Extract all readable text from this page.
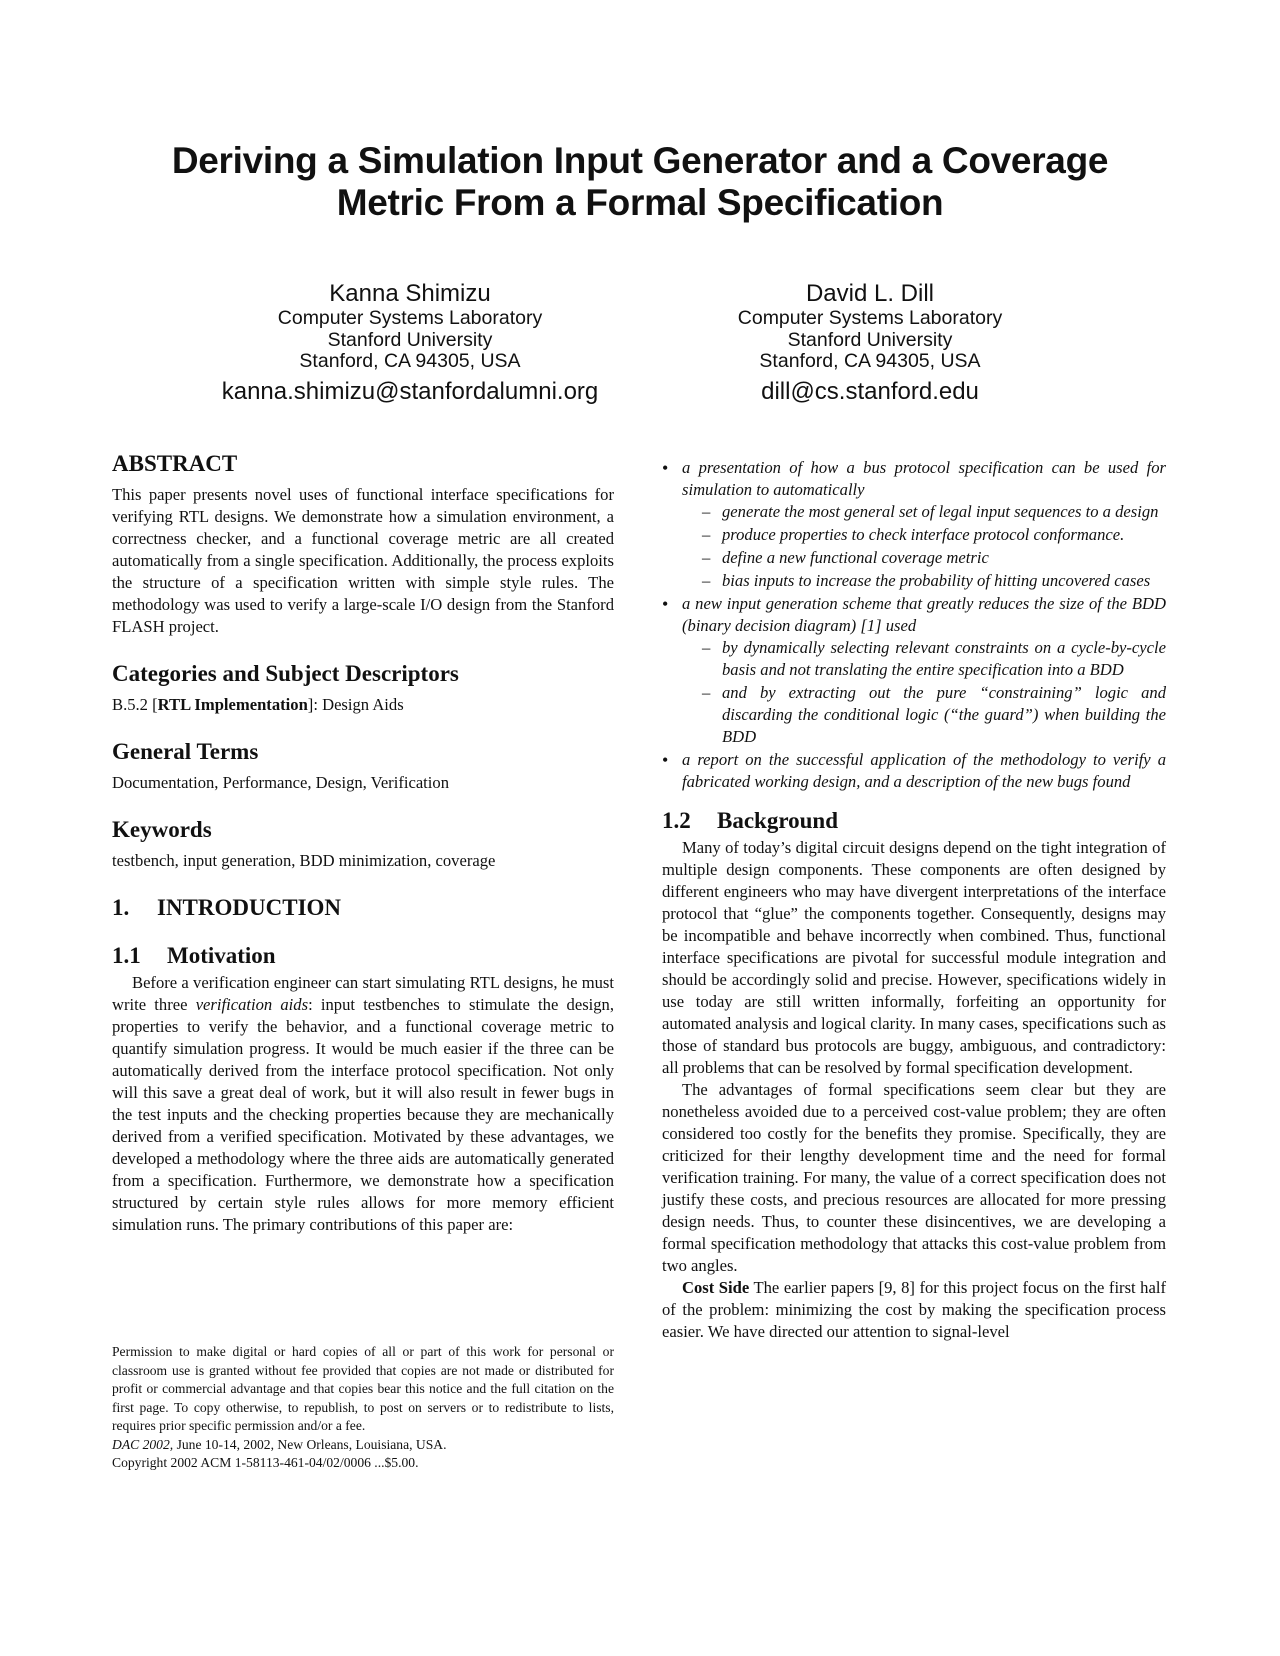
Deriving a Simulation Input Generator and a Coverage
Metric From a Formal Specification
Kanna Shimizu
Computer Systems Laboratory
Stanford University
Stanford, CA 94305, USA
kanna.shimizu@stanfordalumni.org
David L. Dill
Computer Systems Laboratory
Stanford University
Stanford, CA 94305, USA
dill@cs.stanford.edu
ABSTRACT

This paper presents novel uses of functional interface specifications for verifying RTL designs. We demonstrate how a simulation environment, a correctness checker, and a functional coverage metric are all created automatically from a single specification. Additionally, the process exploits the structure of a specification written with simple style rules. The methodology was used to verify a large-scale I/O design from the Stanford FLASH project.

Categories and Subject Descriptors

B.5.2 [RTL Implementation]: Design Aids

General Terms

Documentation, Performance, Design, Verification

Keywords

testbench, input generation, BDD minimization, coverage

1. INTRODUCTION
1.1 Motivation

Before a verification engineer can start simulating RTL designs, he must write three verification aids: input testbenches to stimulate the design, properties to verify the behavior, and a functional coverage metric to quantify simulation progress. It would be much easier if the three can be automatically derived from the interface protocol specification. Not only will this save a great deal of work, but it will also result in fewer bugs in the test inputs and the checking properties because they are mechanically derived from a verified specification. Motivated by these advantages, we developed a methodology where the three aids are automatically generated from a specification. Furthermore, we demonstrate how a specification structured by certain style rules allows for more memory efficient simulation runs. The primary contributions of this paper are:

Permission to make digital or hard copies of all or part of this work for personal or classroom use is granted without fee provided that copies are not made or distributed for profit or commercial advantage and that copies bear this notice and the full citation on the first page. To copy otherwise, to republish, to post on servers or to redistribute to lists, requires prior specific permission and/or a fee.

DAC 2002, June 10-14, 2002, New Orleans, Louisiana, USA.

Copyright 2002 ACM 1-58113-461-04/02/0006 ...$5.00.

• a presentation of how a bus protocol specification can be used for simulation to automatically
– generate the most general set of legal input sequences to a design
– produce properties to check interface protocol conformance.
– define a new functional coverage metric
– bias inputs to increase the probability of hitting uncovered cases
• a new input generation scheme that greatly reduces the size of the BDD (binary decision diagram) [1] used
– by dynamically selecting relevant constraints on a cycle-by-cycle basis and not translating the entire specification into a BDD
– and by extracting out the pure “constraining” logic and discarding the conditional logic (“the guard”) when building the BDD
• a report on the successful application of the methodology to verify a fabricated working design, and a description of the new bugs found
1.2 Background

Many of today’s digital circuit designs depend on the tight integration of multiple design components. These components are often designed by different engineers who may have divergent interpretations of the interface protocol that “glue” the components together. Consequently, designs may be incompatible and behave incorrectly when combined. Thus, functional interface specifications are pivotal for successful module integration and should be accordingly solid and precise. However, specifications widely in use today are still written informally, forfeiting an opportunity for automated analysis and logical clarity. In many cases, specifications such as those of standard bus protocols are buggy, ambiguous, and contradictory: all problems that can be resolved by formal specification development.

The advantages of formal specifications seem clear but they are nonetheless avoided due to a perceived cost-value problem; they are often considered too costly for the benefits they promise. Specifically, they are criticized for their lengthy development time and the need for formal verification training. For many, the value of a correct specification does not justify these costs, and precious resources are allocated for more pressing design needs. Thus, to counter these disincentives, we are developing a formal specification methodology that attacks this cost-value problem from two angles.

Cost Side The earlier papers [9, 8] for this project focus on the first half of the problem: minimizing the cost by making the specification process easier. We have directed our attention to signal-level
